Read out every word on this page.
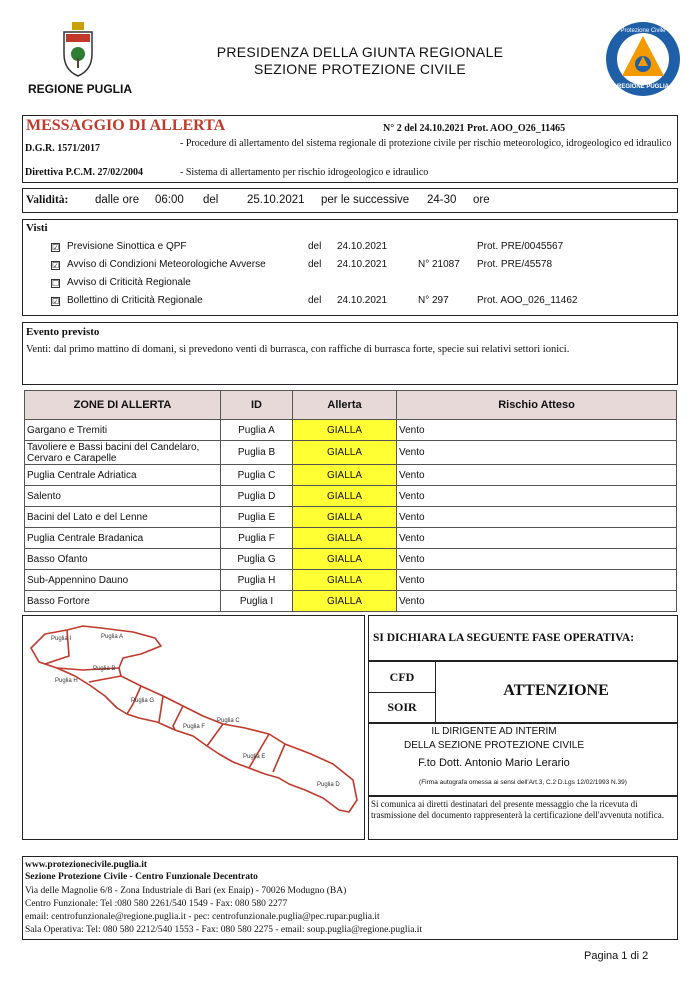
REGIONE PUGLIA
PRESIDENZA DELLA GIUNTA REGIONALE
SEZIONE PROTEZIONE CIVILE
Protezione Civile
REGIONE PUGLIA
MESSAGGIO DI ALLERTA	N° 2 del 24.10.2021 Prot. AOO_O26_11465
D.G.R. 1571/2017	- Procedure di allertamento del sistema regionale di protezione civile per rischio meteorologico, idrogeologico ed idraulico
Direttiva P.C.M. 27/02/2004	- Sistema di allertamento per rischio idrogeologico e idraulico
Validità: dalle ore 06:00 del 25.10.2021 per le successive 24-30 ore
Visti
☑ Previsione Sinottica e QPF	del 24.10.2021	Prot. PRE/0045567
☑ Avviso di Condizioni Meteorologiche Avverse	del 24.10.2021	N° 21087 Prot. PRE/45578
☐ Avviso di Criticità Regionale
☑ Bollettino di Criticità Regionale	del 24.10.2021	N° 297	Prot. AOO_026_11462
Evento previsto
Venti: dal primo mattino di domani, si prevedono venti di burrasca, con raffiche di burrasca forte, specie sui relativi settori ionici.
ZONE DI ALLERTA	ID	Allerta	Rischio Atteso
Gargano e Tremiti	Puglia A	GIALLA	Vento
Tavoliere e Bassi bacini del Candelaro, Cervaro e Carapelle	Puglia B	GIALLA	Vento
Puglia Centrale Adriatica	Puglia C	GIALLA	Vento
Salento	Puglia D	GIALLA	Vento
Bacini del Lato e del Lenne	Puglia E	GIALLA	Vento
Puglia Centrale Bradanica	Puglia F	GIALLA	Vento
Basso Ofanto	Puglia G	GIALLA	Vento
Sub-Appennino Dauno	Puglia H	GIALLA	Vento
Basso Fortore	Puglia I	GIALLA	Vento
Puglia I	Puglia A
Puglia B
Puglia H
Puglia G
Puglia C
Puglia F
Puglia E
Puglia D
SI DICHIARA LA SEGUENTE FASE OPERATIVA:
CFD
SOIR
ATTENZIONE
IL DIRIGENTE AD INTERIM
DELLA SEZIONE PROTEZIONE CIVILE
F.to Dott. Antonio Mario Lerario
(Firma autografa omessa ai sensi dell'Art.3, C.2 D.Lgs 12/02/1993 N.39)
Si comunica ai diretti destinatari del presente messaggio che la ricevuta di trasmissione del documento rappresenterà la certificazione dell'avvenuta notifica.
www.protezionecivile.puglia.it
Sezione Protezione Civile - Centro Funzionale Decentrato
Via delle Magnolie 6/8 - Zona Industriale di Bari (ex Enaip) - 70026 Modugno (BA)
Centro Funzionale: Tel :080 580 2261/540 1549 - Fax: 080 580 2277
email: centrofunzionale@regione.puglia.it - pec: centrofunzionale.puglia@pec.rupar.puglia.it
Sala Operativa: Tel: 080 580 2212/540 1553 - Fax: 080 580 2275 - email: soup.puglia@regione.puglia.it
Pagina 1 di 2
